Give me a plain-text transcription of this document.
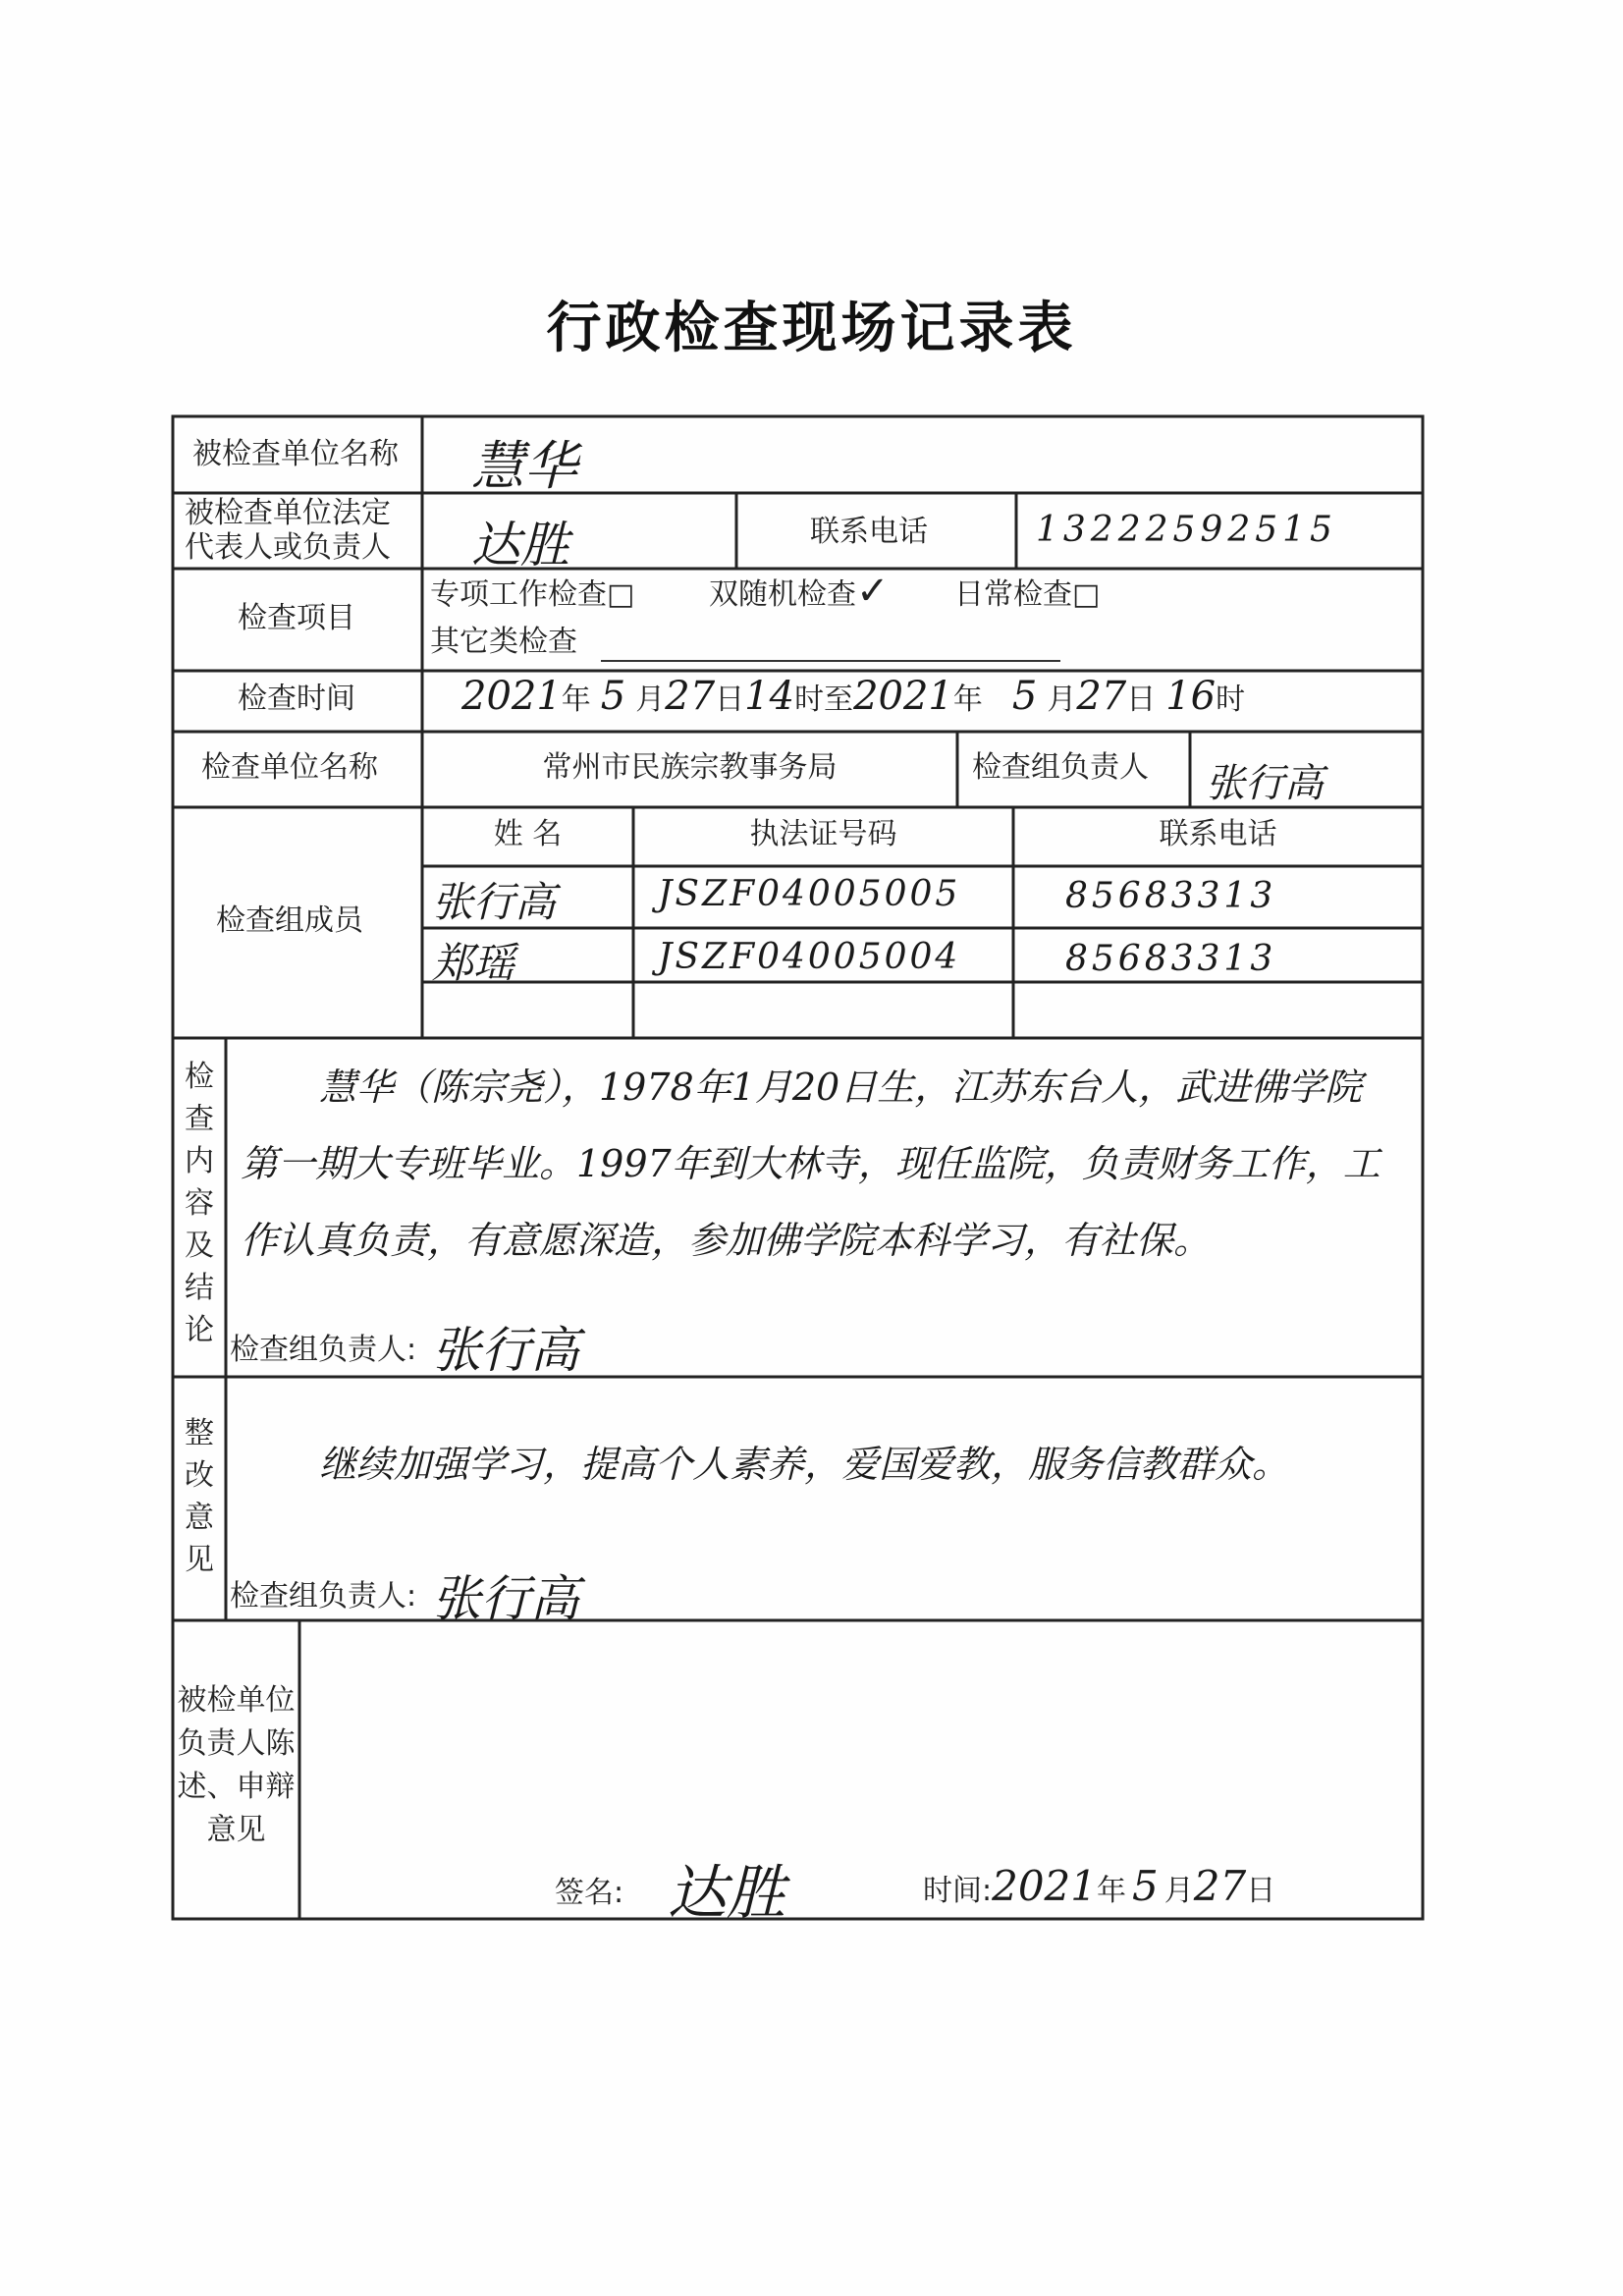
行政检查现场记录表
被检查单位名称 慧华
被检查单位法定
代表人或负责人 达胜	联系电话	13222592515
检查项目
专项工作检查□	双随机检查✓ 日常检查□
其它类检查
检查时间	2021年 5 月27日14时至2021年 5 月27日 16时
检查单位名称	常州市民族宗教事务局	检查组负责人 张行高
检查组成员
姓 名	执法证号码	联系电话
张行高	JSZF04005005	85683313
郑瑶	JSZF04005004	85683313
检查内容及结论
慧华（陈宗尧），1978年1月20日生，江苏东台人，武进佛学院第一期大专班毕业。1997年到大林寺，现任监院，负责财务工作，工作认真负责，有意愿深造，参加佛学院本科学习，有社保。
检查组负责人: 张行高
整改意见
继续加强学习，提高个人素养，爱国爱教，服务信教群众。
检查组负责人: 张行高
被检单位负责人陈述、申辩意见
签名: 达胜	时间:2021年 5 月27日
